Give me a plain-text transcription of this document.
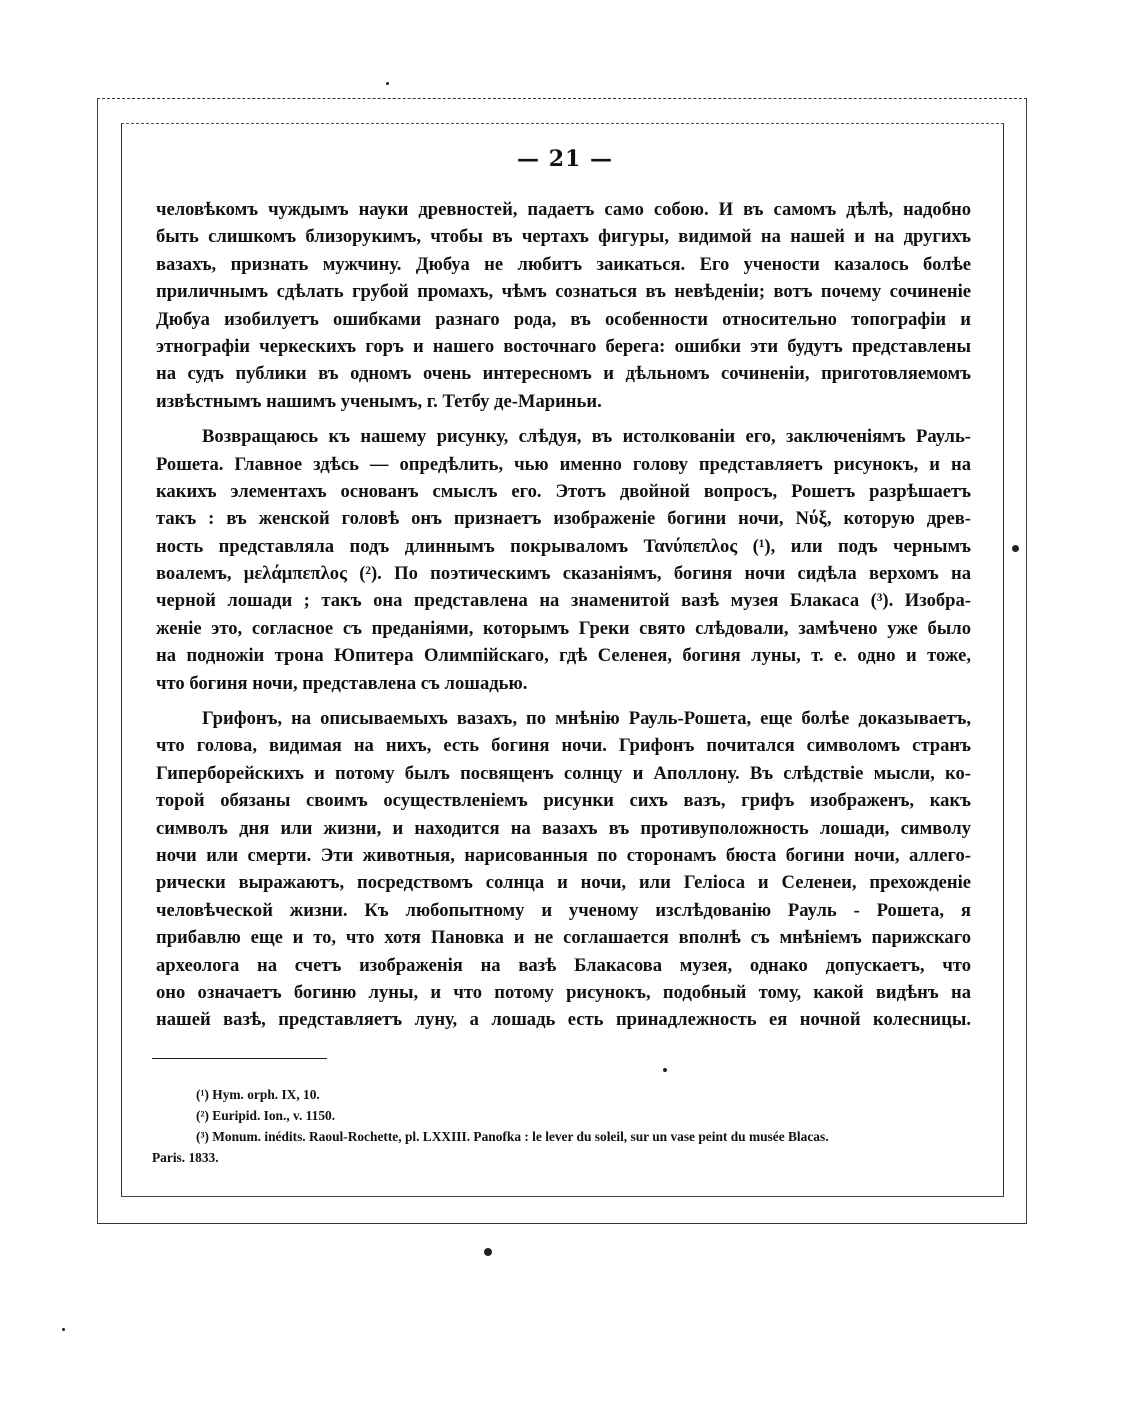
— 21 —
человѣкомъ чуждымъ науки древностей, падаетъ само собою. И въ самомъ дѣлѣ, надобно
быть слишкомъ близорукимъ, чтобы въ чертахъ фигуры, видимой на нашей и на другихъ
вазахъ, признать мужчину. Дюбуа не любитъ заикаться. Его учености казалось болѣе
приличнымъ сдѣлать грубой промахъ, чѣмъ сознаться въ невѣденіи; вотъ почему сочиненіе
Дюбуа изобилуетъ ошибками разнаго рода, въ особенности относительно топографіи и
этнографіи черкескихъ горъ и нашего восточнаго берега: ошибки эти будутъ представлены
на судъ публики въ одномъ очень интересномъ и дѣльномъ сочиненіи, приготовляемомъ
извѣстнымъ нашимъ ученымъ, г. Тетбу де-Мариньи.
Возвращаюсь къ нашему рисунку, слѣдуя, въ истолкованіи его, заключеніямъ Рауль-
Рошета. Главное здѣсь — опредѣлить, чью именно голову представляетъ рисунокъ, и на
какихъ элементахъ основанъ смыслъ его. Этотъ двойной вопросъ, Рошетъ разрѣшаетъ
такъ : въ женской головѣ онъ признаетъ изображеніе богини ночи, Νύξ, которую древ-
ность представляла подъ длиннымъ покрываломъ Τανύπεπλος (¹), или подъ чернымъ
воалемъ, μελάμπεπλος (²). По поэтическимъ сказаніямъ, богиня ночи сидѣла верхомъ на
черной лошади ; такъ она представлена на знаменитой вазѣ музея Блакаса (³). Изобра-
женіе это, согласное съ преданіями, которымъ Греки свято слѣдовали, замѣчено уже было
на подножіи трона Юпитера Олимпійскаго, гдѣ Селенея, богиня луны, т. е. одно и тоже,
что богиня ночи, представлена съ лошадью.
Грифонъ, на описываемыхъ вазахъ, по мнѣнію Рауль-Рошета, еще болѣе доказываетъ,
что голова, видимая на нихъ, есть богиня ночи. Грифонъ почитался символомъ странъ
Гиперборейскихъ и потому былъ посвященъ солнцу и Аполлону. Въ слѣдствіе мысли, ко-
торой обязаны своимъ осуществленіемъ рисунки сихъ вазъ, грифъ изображенъ, какъ
символъ дня или жизни, и находится на вазахъ въ противуположность лошади, символу
ночи или смерти. Эти животныя, нарисованныя по сторонамъ бюста богини ночи, аллего-
рически выражаютъ, посредствомъ солнца и ночи, или Геліоса и Селенеи, прехожденіе
человѣческой жизни. Къ любопытному и ученому изслѣдованію Рауль - Рошета, я
прибавлю еще и то, что хотя Пановка и не соглашается вполнѣ съ мнѣніемъ парижскаго
археолога на счетъ изображенія на вазѣ Блакасова музея, однако допускаетъ, что
оно означаетъ богиню луны, и что потому рисунокъ, подобный тому, какой видѣнъ на
нашей вазѣ, представляетъ луну, а лошадь есть принадлежность ея ночной колесницы.
(¹) Hym. orph. IX, 10.
(²) Euripid. Ion., v. 1150.
(³) Monum. inédits. Raoul-Rochette, pl. LXXIII. Panofka : le lever du soleil, sur un vase peint du musée Blacas.
Paris. 1833.
